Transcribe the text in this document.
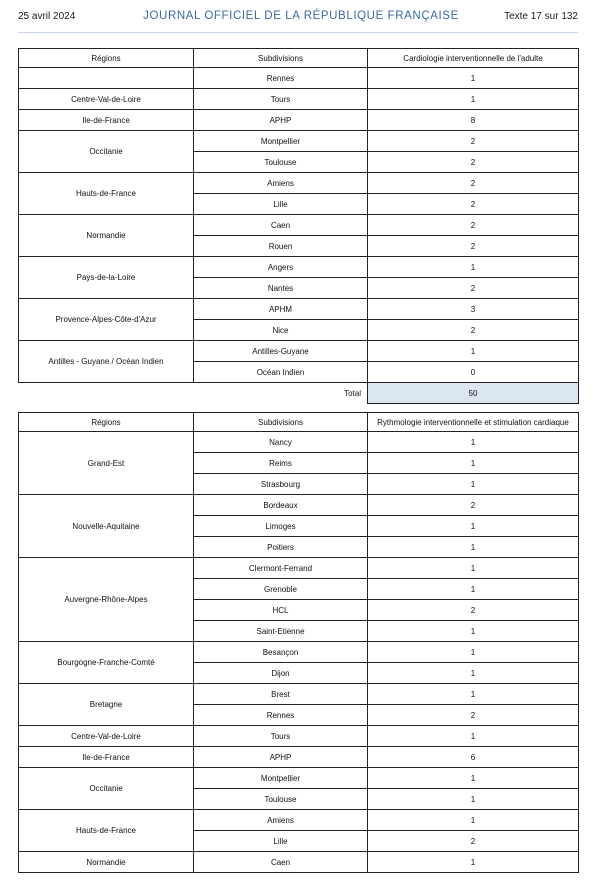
25 avril 2024	JOURNAL OFFICIEL DE LA RÉPUBLIQUE FRANÇAISE	Texte 17 sur 132
Régions	Subdivisions	Cardiologie interventionnelle de l'adulte
	Rennes	1
Centre-Val-de-Loire	Tours	1
Ile-de-France	APHP	8
Occitanie	Montpellier	2
	Toulouse	2
Hauts-de-France	Amiens	2
	Lille	2
Normandie	Caen	2
	Rouen	2
Pays-de-la-Loire	Angers	1
	Nantes	2
Provence-Alpes-Côte-d'Azur	APHM	3
	Nice	2
Antilles - Guyane / Océan Indien	Antilles-Guyane	1
	Océan Indien	0
	Total	50
Régions	Subdivisions	Rythmologie interventionnelle et stimulation cardiaque
Grand-Est	Nancy	1
	Reims	1
	Strasbourg	1
Nouvelle-Aquitaine	Bordeaux	2
	Limoges	1
	Poitiers	1
Auvergne-Rhône-Alpes	Clermont-Ferrand	1
	Grenoble	1
	HCL	2
	Saint-Etienne	1
Bourgogne-Franche-Comté	Besançon	1
	Dijon	1
Bretagne	Brest	1
	Rennes	2
Centre-Val-de-Loire	Tours	1
Ile-de-France	APHP	6
Occitanie	Montpellier	1
	Toulouse	1
Hauts-de-France	Amiens	1
	Lille	2
Normandie	Caen	1
